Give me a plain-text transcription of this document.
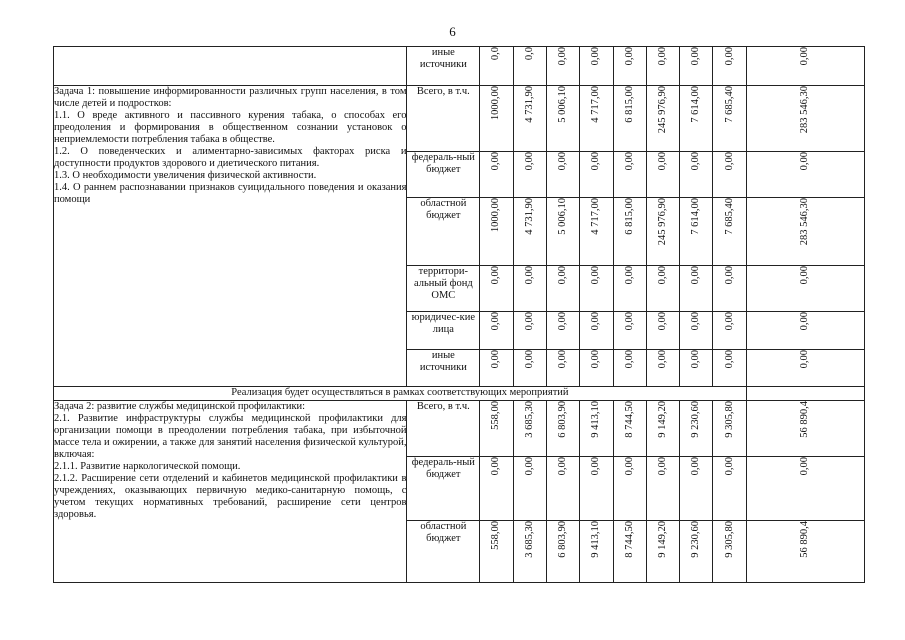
6
	иные источники	0,0	0,0	0,00	0,00	0,00	0,00	0,00	0,00	0,00

Задача 1: повышение информированности различных групп населения, в том числе детей и подростков:

1.1. О вреде активного и пассивного курения табака, о способах его преодоления и формирования в общественном сознании установок о неприемлемости потребления табака в обществе.

1.2. О поведенческих и алиментарно-зависимых факторах риска и доступности продуктов здорового и диетического питания.

1.3. О необходимости увеличения физической активности.

1.4. О раннем распознавании признаков суицидального поведения и оказания помощи	Всего, в т.ч.	1000,00	4 731,90	5 006,10	4 717,00	6 815,00	245 976,90	7 614,00	7 685,40	283 546,30
	федераль-ный бюджет	0,00	0,00	0,00	0,00	0,00	0,00	0,00	0,00	0,00
	областной бюджет	1000,00	4 731,90	5 006,10	4 717,00	6 815,00	245 976,90	7 614,00	7 685,40	283 546,30
	территори-альный фонд ОМС	0,00	0,00	0,00	0,00	0,00	0,00	0,00	0,00	0,00
	юридичес-кие лица	0,00	0,00	0,00	0,00	0,00	0,00	0,00	0,00	0,00
	иные источники	0,00	0,00	0,00	0,00	0,00	0,00	0,00	0,00	0,00
Реализация будет осуществляться в рамках соответствующих мероприятий										

Задача 2: развитие службы медицинской профилактики:

2.1. Развитие инфраструктуры службы медицинской профилактики для организации помощи в преодолении потребления табака, при избыточной массе тела и ожирении, а также для занятий населения физической культурой, включая:

2.1.1. Развитие наркологической помощи.

2.1.2. Расширение сети отделений и кабинетов медицинской профилактики в учреждениях, оказывающих первичную медико-санитарную помощь, с учетом текущих нормативных требований, расширение сети центров здоровья.	Всего, в т.ч.	558,00	3 685,30	6 803,90	9 413,10	8 744,50	9 149,20	9 230,60	9 305,80	56 890,4
	федераль-ный бюджет	0,00	0,00	0,00	0,00	0,00	0,00	0,00	0,00	0,00
	областной бюджет	558,00	3 685,30	6 803,90	9 413,10	8 744,50	9 149,20	9 230,60	9 305,80	56 890,4
